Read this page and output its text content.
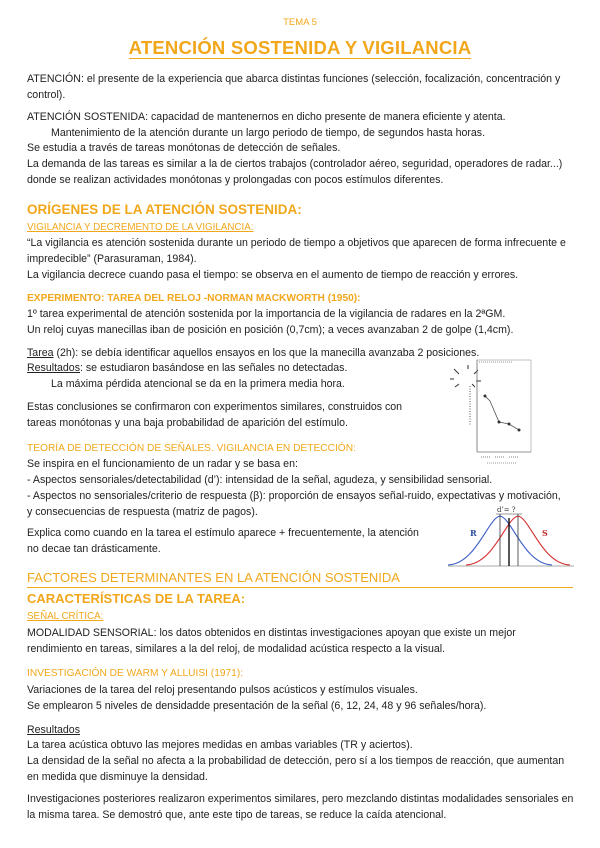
TEMA 5
ATENCIÓN SOSTENIDA Y VIGILANCIA

ATENCIÓN: el presente de la experiencia que abarca distintas funciones (selección, focalización, concentración y control).

ATENCIÓN SOSTENIDA: capacidad de mantenernos en dicho presente de manera eficiente y atenta.

Mantenimiento de la atención durante un largo periodo de tiempo, de segundos hasta horas.

Se estudia a través de tareas monótonas de detección de señales.

La demanda de las tareas es similar a la de ciertos trabajos (controlador aéreo, seguridad, operadores de radar...) donde se realizan actividades monótonas y prolongadas con pocos estímulos diferentes.

ORÍGENES DE LA ATENCIÓN SOSTENIDA:
VIGILANCIA Y DECREMENTO DE LA VIGILANCIA:

“La vigilancia es atención sostenida durante un periodo de tiempo a objetivos que aparecen de forma infrecuente e impredecible” (Parasuraman, 1984).

La vigilancia decrece cuando pasa el tiempo: se observa en el aumento de tiempo de reacción y errores.

EXPERIMENTO: TAREA DEL RELOJ -NORMAN MACKWORTH (1950):

1º tarea experimental de atención sostenida por la importancia de la vigilancia de radares en la 2ªGM.

Un reloj cuyas manecillas iban de posición en posición (0,7cm); a veces avanzaban 2 de golpe (1,4cm).

Tarea (2h): se debía identificar aquellos ensayos en los que la manecilla avanzaba 2 posiciones.

Resultados: se estudiaron basándose en las señales no detectadas.

La máxima pérdida atencional se da en la primera media hora.

Estas conclusiones se confirmaron con experimentos similares, construidos con tareas monótonas y una baja probabilidad de aparición del estímulo.

TEORÍA DE DETECCIÓN DE SEÑALES. VIGILANCIA EN DETECCIÓN:

Se inspira en el funcionamiento de un radar y se basa en:

- Aspectos sensoriales/detectabilidad (d’): intensidad de la señal, agudeza, y sensibilidad sensorial.

- Aspectos no sensoriales/criterio de respuesta (β): proporción de ensayos señal-ruido, expectativas y motivación, y consecuencias de respuesta (matriz de pagos).

Explica como cuando en la tarea el estímulo aparece + frecuentemente, la atención no decae tan drásticamente.

d’= ?
R	S
FACTORES DETERMINANTES EN LA ATENCIÓN SOSTENIDA
CARACTERÍSTICAS DE LA TAREA:
SEÑAL CRÍTICA:

MODALIDAD SENSORIAL: los datos obtenidos en distintas investigaciones apoyan que existe un mejor rendimiento en tareas, similares a la del reloj, de modalidad acústica respecto a la visual.

INVESTIGACIÓN DE WARM Y ALLUISI (1971):

Variaciones de la tarea del reloj presentando pulsos acústicos y estímulos visuales.

Se emplearon 5 niveles de densidadde presentación de la señal (6, 12, 24, 48 y 96 señales/hora).

Resultados

La tarea acústica obtuvo las mejores medidas en ambas variables (TR y aciertos).

La densidad de la señal no afecta a la probabilidad de detección, pero sí a los tiempos de reacción, que aumentan en medida que disminuye la densidad.

Investigaciones posteriores realizaron experimentos similares, pero mezclando distintas modalidades sensoriales en la misma tarea. Se demostró que, ante este tipo de tareas, se reduce la caída atencional.
